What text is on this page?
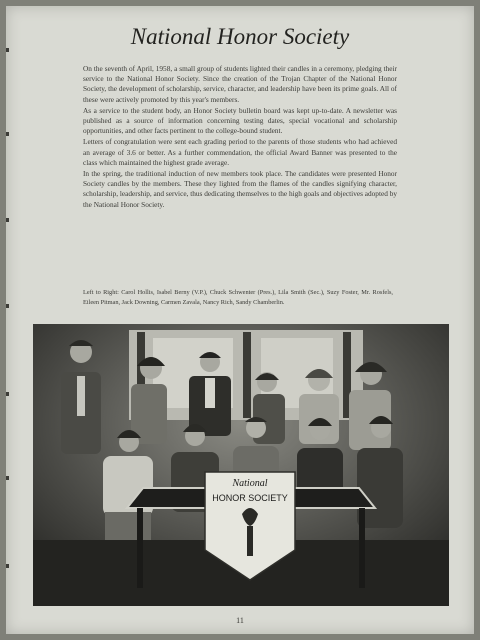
National Honor Society

On the seventh of April, 1958, a small group of students lighted their candles in a ceremony, pledging their service to the National Honor Society. Since the creation of the Trojan Chapter of the National Honor Society, the development of scholarship, service, character, and leadership have been its prime goals. All of these were actively promoted by this year's members.

As a service to the student body, an Honor Society bulletin board was kept up-to-date. A newsletter was published as a source of information concerning testing dates, special vocational and scholarship opportunities, and other facts pertinent to the college-bound student.

Letters of congratulation were sent each grading period to the parents of those students who had achieved an average of 3.6 or better. As a further commendation, the official Award Banner was presented to the class which maintained the highest grade average.

In the spring, the traditional induction of new members took place. The candidates were presented Honor Society candles by the members. These they lighted from the flames of the candles signifying character, scholarship, leadership, and service, thus dedicating themselves to the high goals and objectives adopted by the National Honor Society.

Left to Right: Carol Hollis, Isabel Berny (V.P.), Chuck Schwenter (Pres.), Lila Smith (Sec.), Suzy Foster, Mr. Rosfels, Eileen Pitman, Jack Downing, Carmen Zavala, Nancy Rich, Sandy Chamberlin.
National
HONOR SOCIETY
11
